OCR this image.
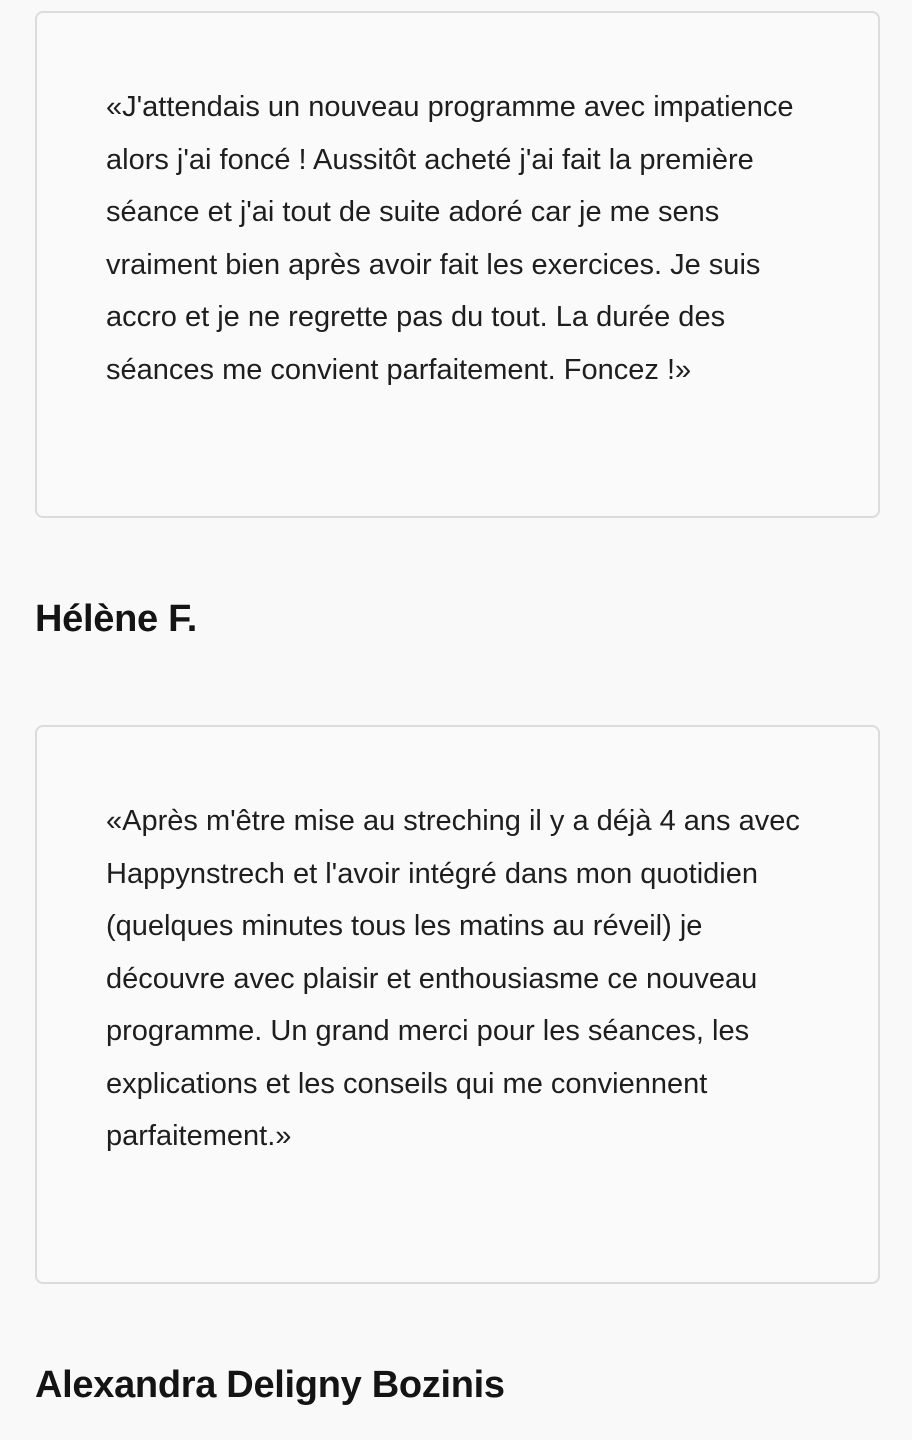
«J'attendais un nouveau programme avec impatience alors j'ai foncé ! Aussitôt acheté j'ai fait la première séance et j'ai tout de suite adoré car je me sens vraiment bien après avoir fait les exercices. Je suis accro et je ne regrette pas du tout. La durée des séances me convient parfaitement. Foncez !»

Hélène F.

«Après m'être mise au streching il y a déjà 4 ans avec Happynstrech et l'avoir intégré dans mon quotidien (quelques minutes tous les matins au réveil) je découvre avec plaisir et enthousiasme ce nouveau programme. Un grand merci pour les séances, les explications et les conseils qui me conviennent parfaitement.»

Alexandra Deligny Bozinis
